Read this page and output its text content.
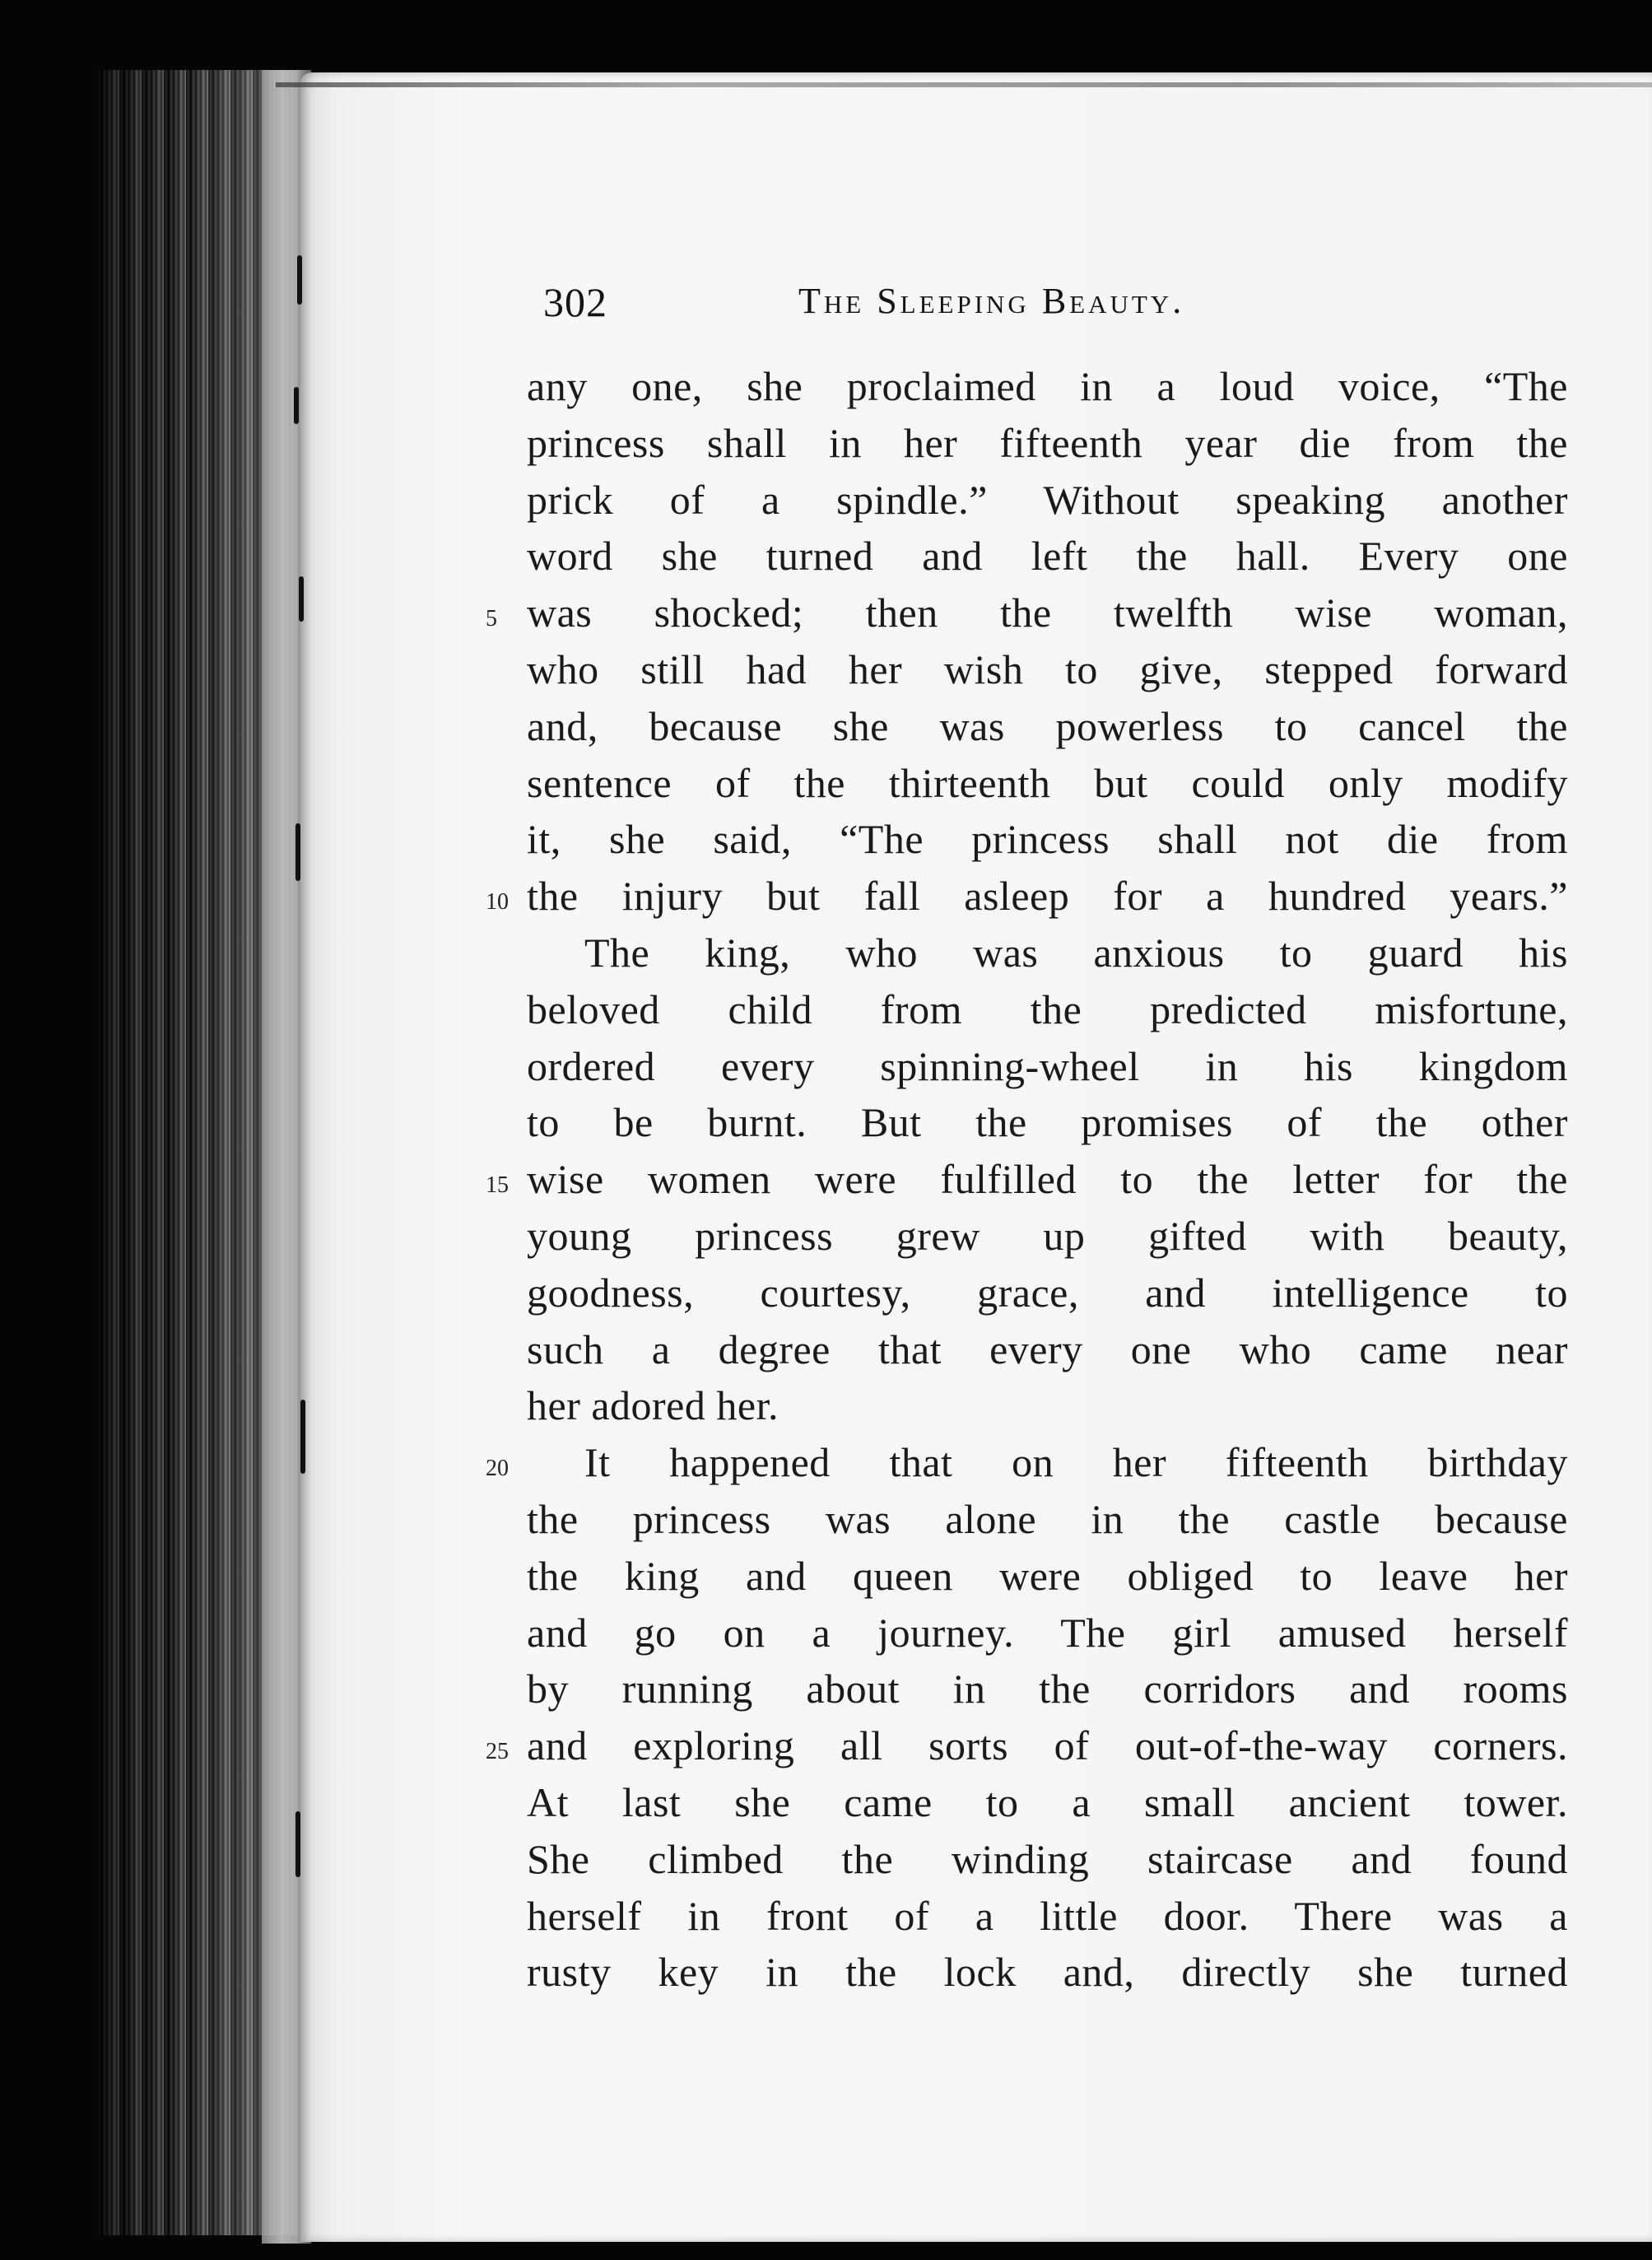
302	The Sleeping Beauty.
any one, she proclaimed in a loud voice, “The
princess shall in her fifteenth year die from the
prick of a spindle.” Without speaking another
word she turned and left the hall. Every one
5 was shocked; then the twelfth wise woman,
who still had her wish to give, stepped forward
and, because she was powerless to cancel the
sentence of the thirteenth but could only modify
it, she said, “The princess shall not die from
10 the injury but fall asleep for a hundred years.”
The king, who was anxious to guard his
beloved child from the predicted misfortune,
ordered every spinning-wheel in his kingdom
to be burnt. But the promises of the other
15 wise women were fulfilled to the letter for the
young princess grew up gifted with beauty,
goodness, courtesy, grace, and intelligence to
such a degree that every one who came near
her adored her.
20 It happened that on her fifteenth birthday
the princess was alone in the castle because
the king and queen were obliged to leave her
and go on a journey. The girl amused herself
by running about in the corridors and rooms
25 and exploring all sorts of out-of-the-way corners.
At last she came to a small ancient tower.
She climbed the winding staircase and found
herself in front of a little door. There was a
rusty key in the lock and, directly she turned
